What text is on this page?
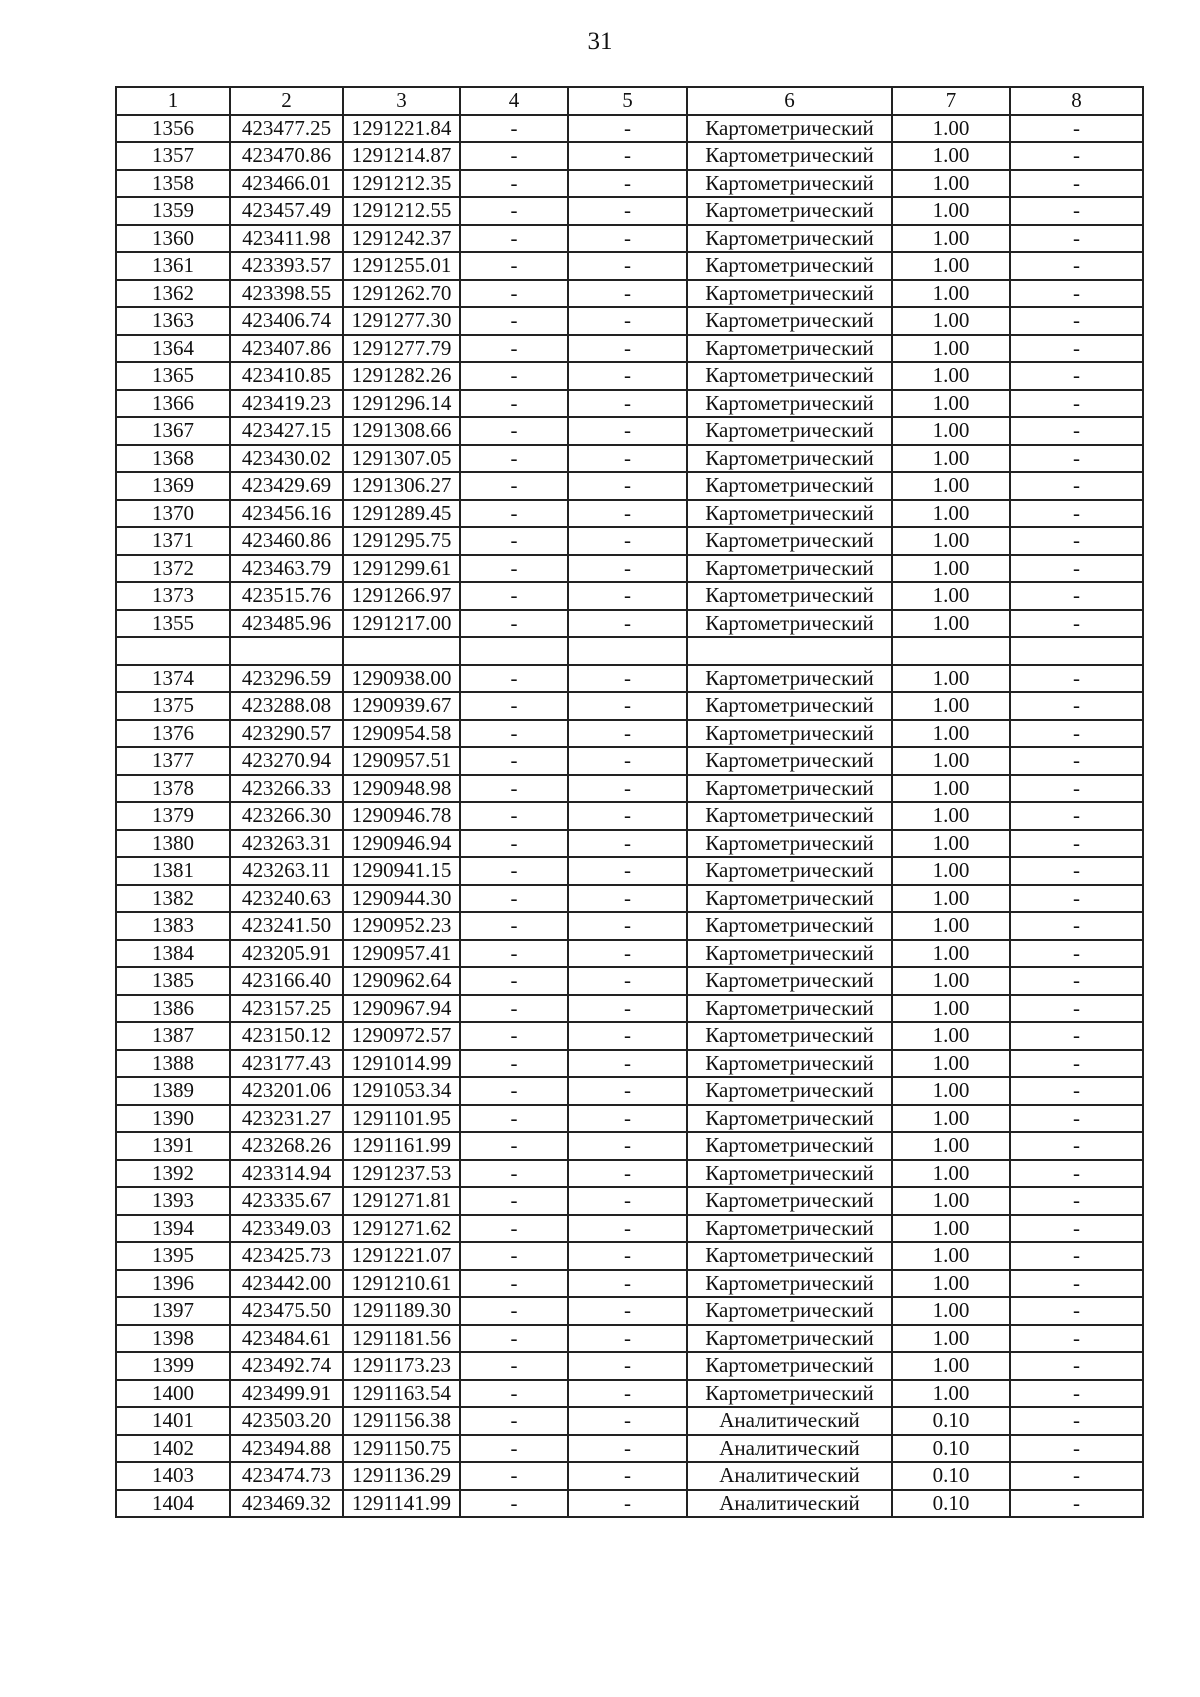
31
1	2	3	4	5	6	7	8
1356	423477.25	1291221.84	-	-	Картометрический	1.00	-
1357	423470.86	1291214.87	-	-	Картометрический	1.00	-
1358	423466.01	1291212.35	-	-	Картометрический	1.00	-
1359	423457.49	1291212.55	-	-	Картометрический	1.00	-
1360	423411.98	1291242.37	-	-	Картометрический	1.00	-
1361	423393.57	1291255.01	-	-	Картометрический	1.00	-
1362	423398.55	1291262.70	-	-	Картометрический	1.00	-
1363	423406.74	1291277.30	-	-	Картометрический	1.00	-
1364	423407.86	1291277.79	-	-	Картометрический	1.00	-
1365	423410.85	1291282.26	-	-	Картометрический	1.00	-
1366	423419.23	1291296.14	-	-	Картометрический	1.00	-
1367	423427.15	1291308.66	-	-	Картометрический	1.00	-
1368	423430.02	1291307.05	-	-	Картометрический	1.00	-
1369	423429.69	1291306.27	-	-	Картометрический	1.00	-
1370	423456.16	1291289.45	-	-	Картометрический	1.00	-
1371	423460.86	1291295.75	-	-	Картометрический	1.00	-
1372	423463.79	1291299.61	-	-	Картометрический	1.00	-
1373	423515.76	1291266.97	-	-	Картометрический	1.00	-
1355	423485.96	1291217.00	-	-	Картометрический	1.00	-

1374	423296.59	1290938.00	-	-	Картометрический	1.00	-
1375	423288.08	1290939.67	-	-	Картометрический	1.00	-
1376	423290.57	1290954.58	-	-	Картометрический	1.00	-
1377	423270.94	1290957.51	-	-	Картометрический	1.00	-
1378	423266.33	1290948.98	-	-	Картометрический	1.00	-
1379	423266.30	1290946.78	-	-	Картометрический	1.00	-
1380	423263.31	1290946.94	-	-	Картометрический	1.00	-
1381	423263.11	1290941.15	-	-	Картометрический	1.00	-
1382	423240.63	1290944.30	-	-	Картометрический	1.00	-
1383	423241.50	1290952.23	-	-	Картометрический	1.00	-
1384	423205.91	1290957.41	-	-	Картометрический	1.00	-
1385	423166.40	1290962.64	-	-	Картометрический	1.00	-
1386	423157.25	1290967.94	-	-	Картометрический	1.00	-
1387	423150.12	1290972.57	-	-	Картометрический	1.00	-
1388	423177.43	1291014.99	-	-	Картометрический	1.00	-
1389	423201.06	1291053.34	-	-	Картометрический	1.00	-
1390	423231.27	1291101.95	-	-	Картометрический	1.00	-
1391	423268.26	1291161.99	-	-	Картометрический	1.00	-
1392	423314.94	1291237.53	-	-	Картометрический	1.00	-
1393	423335.67	1291271.81	-	-	Картометрический	1.00	-
1394	423349.03	1291271.62	-	-	Картометрический	1.00	-
1395	423425.73	1291221.07	-	-	Картометрический	1.00	-
1396	423442.00	1291210.61	-	-	Картометрический	1.00	-
1397	423475.50	1291189.30	-	-	Картометрический	1.00	-
1398	423484.61	1291181.56	-	-	Картометрический	1.00	-
1399	423492.74	1291173.23	-	-	Картометрический	1.00	-
1400	423499.91	1291163.54	-	-	Картометрический	1.00	-
1401	423503.20	1291156.38	-	-	Аналитический	0.10	-
1402	423494.88	1291150.75	-	-	Аналитический	0.10	-
1403	423474.73	1291136.29	-	-	Аналитический	0.10	-
1404	423469.32	1291141.99	-	-	Аналитический	0.10	-
